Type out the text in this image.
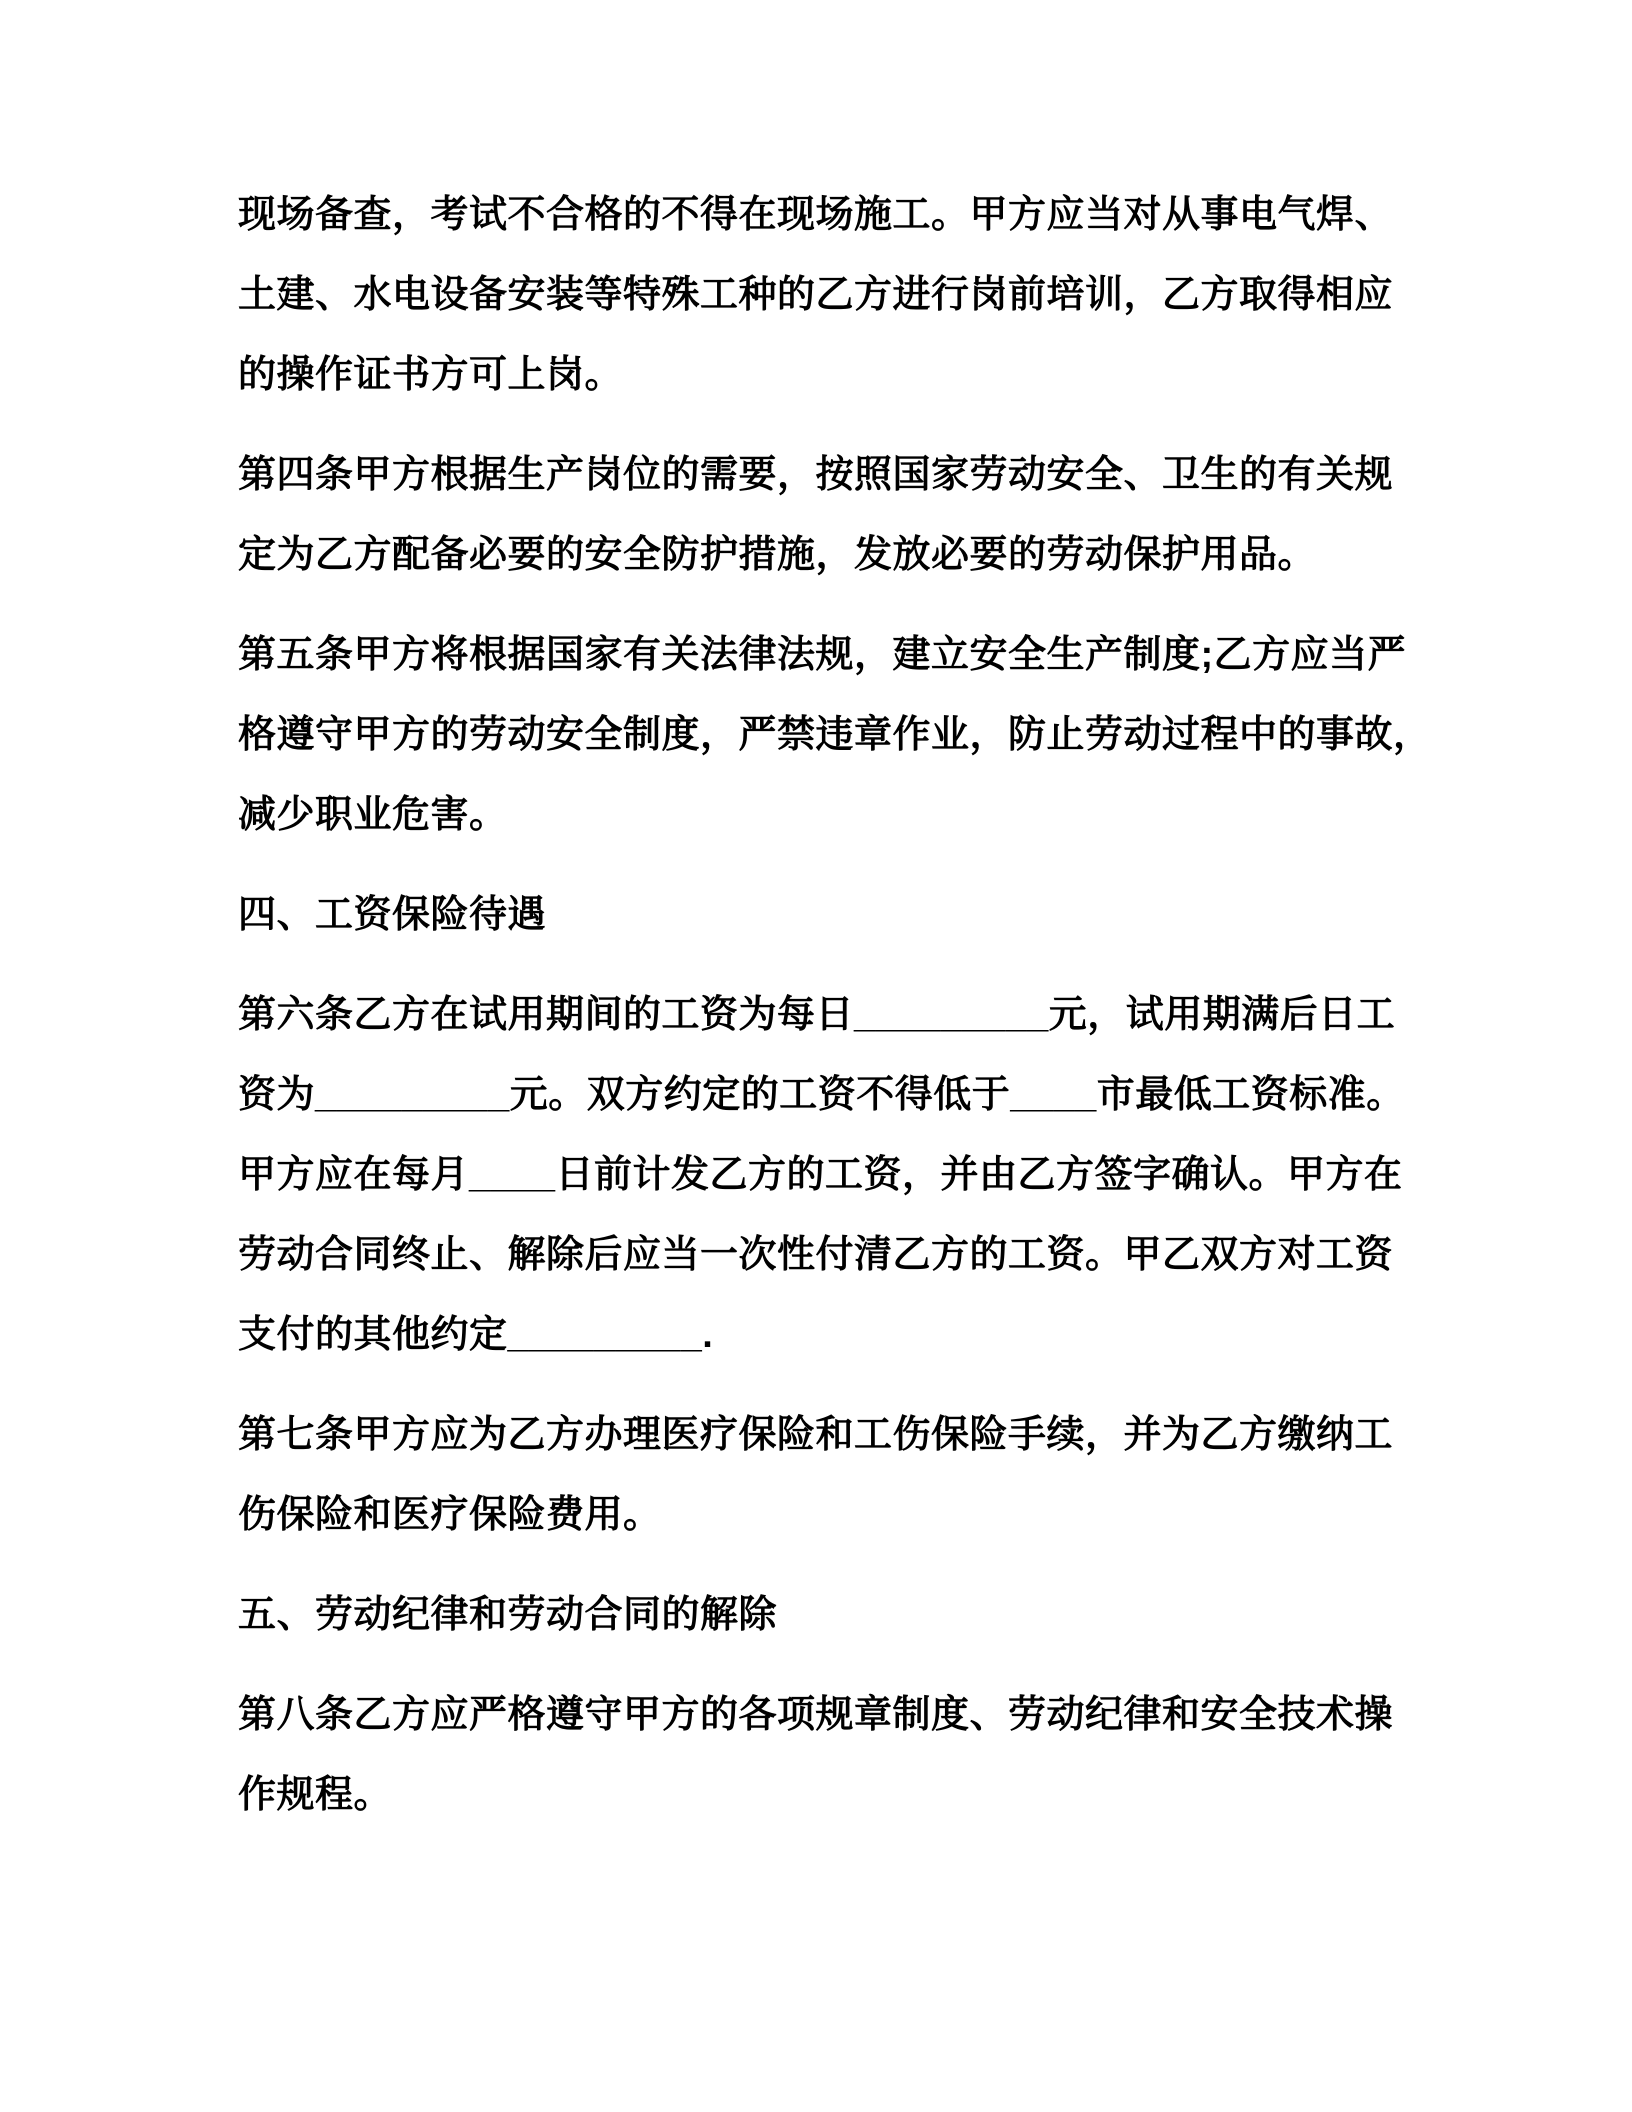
现场备查，考试不合格的不得在现场施工。甲方应当对从事电气焊、
土建、水电设备安装等特殊工种的乙方进行岗前培训，乙方取得相应
的操作证书方可上岗。
第四条甲方根据生产岗位的需要，按照国家劳动安全、卫生的有关规
定为乙方配备必要的安全防护措施，发放必要的劳动保护用品。
第五条甲方将根据国家有关法律法规，建立安全生产制度;乙方应当严
格遵守甲方的劳动安全制度，严禁违章作业，防止劳动过程中的事故，
减少职业危害。
四、工资保险待遇
第六条乙方在试用期间的工资为每日_________元，试用期满后日工
资为_________元。双方约定的工资不得低于____市最低工资标准。
甲方应在每月____日前计发乙方的工资，并由乙方签字确认。甲方在
劳动合同终止、解除后应当一次性付清乙方的工资。甲乙双方对工资
支付的其他约定_________.
第七条甲方应为乙方办理医疗保险和工伤保险手续，并为乙方缴纳工
伤保险和医疗保险费用。
五、劳动纪律和劳动合同的解除
第八条乙方应严格遵守甲方的各项规章制度、劳动纪律和安全技术操
作规程。
